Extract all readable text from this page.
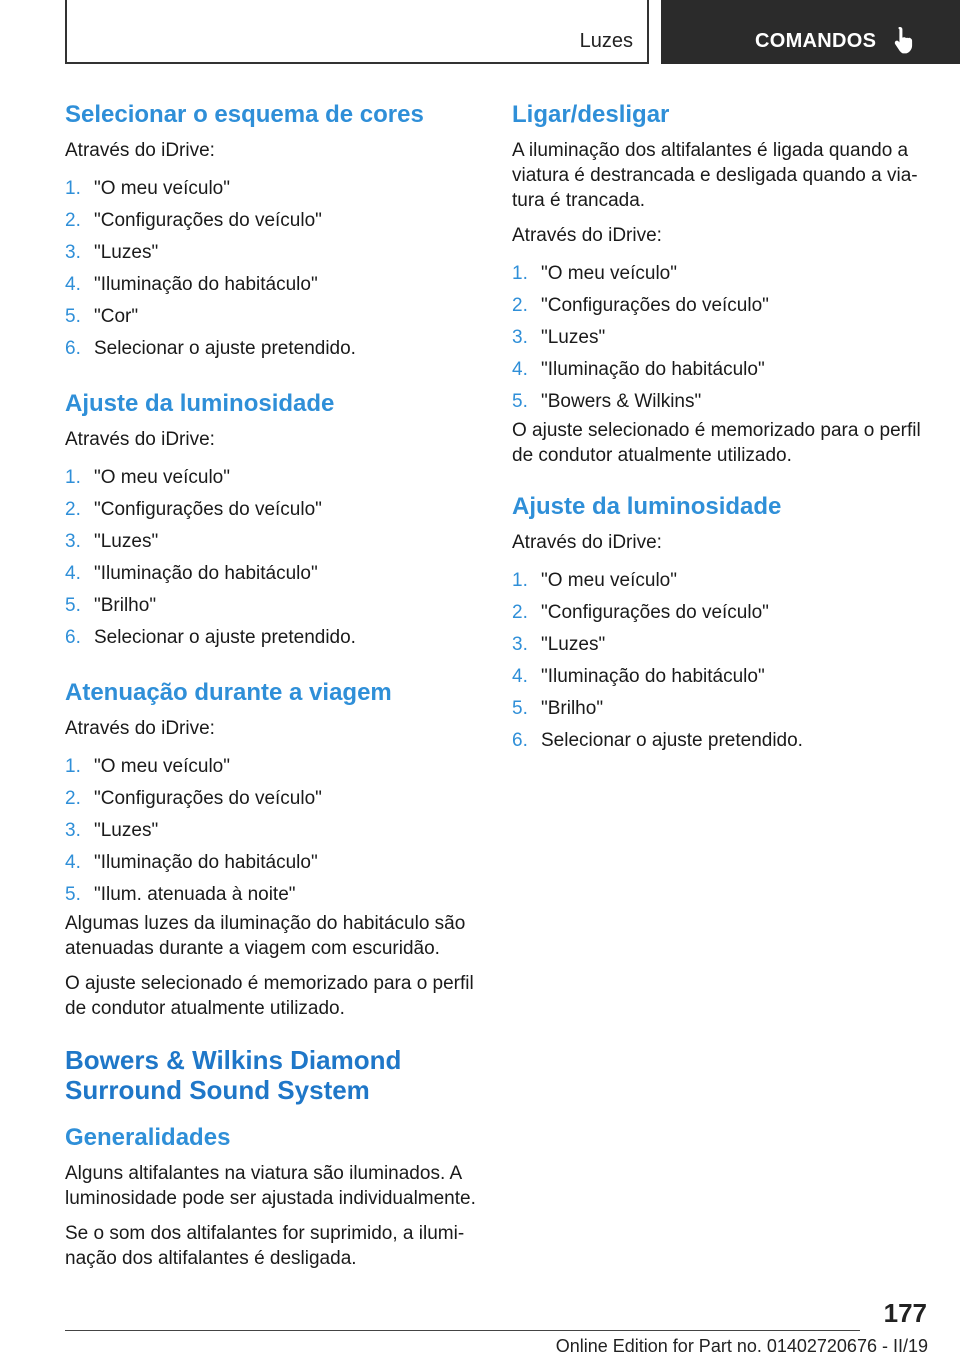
Luzes	COMANDOS
Selecionar o esquema de cores

Através do iDrive:

1. "O meu veículo"
2. "Configurações do veículo"
3. "Luzes"
4. "Iluminação do habitáculo"
5. "Cor"
6. Selecionar o ajuste pretendido.
Ajuste da luminosidade

Através do iDrive:

1. "O meu veículo"
2. "Configurações do veículo"
3. "Luzes"
4. "Iluminação do habitáculo"
5. "Brilho"
6. Selecionar o ajuste pretendido.
Atenuação durante a viagem

Através do iDrive:

1. "O meu veículo"
2. "Configurações do veículo"
3. "Luzes"
4. "Iluminação do habitáculo"
5. "Ilum. atenuada à noite"

Algumas luzes da iluminação do habitáculo são atenuadas durante a viagem com escuridão.

O ajuste selecionado é memorizado para o perfil de condutor atualmente utilizado.

Bowers & Wilkins Diamond Surround Sound System
Generalidades

Alguns altifalantes na viatura são iluminados. A luminosidade pode ser ajustada individualmente.

Se o som dos altifalantes for suprimido, a iluminação dos altifalantes é desligada.

Ligar/desligar

A iluminação dos altifalantes é ligada quando a viatura é destrancada e desligada quando a viatura é trancada.

Através do iDrive:

1. "O meu veículo"
2. "Configurações do veículo"
3. "Luzes"
4. "Iluminação do habitáculo"
5. "Bowers & Wilkins"

O ajuste selecionado é memorizado para o perfil de condutor atualmente utilizado.

Ajuste da luminosidade

Através do iDrive:

1. "O meu veículo"
2. "Configurações do veículo"
3. "Luzes"
4. "Iluminação do habitáculo"
5. "Brilho"
6. Selecionar o ajuste pretendido.
177
Online Edition for Part no. 01402720676 - II/19
